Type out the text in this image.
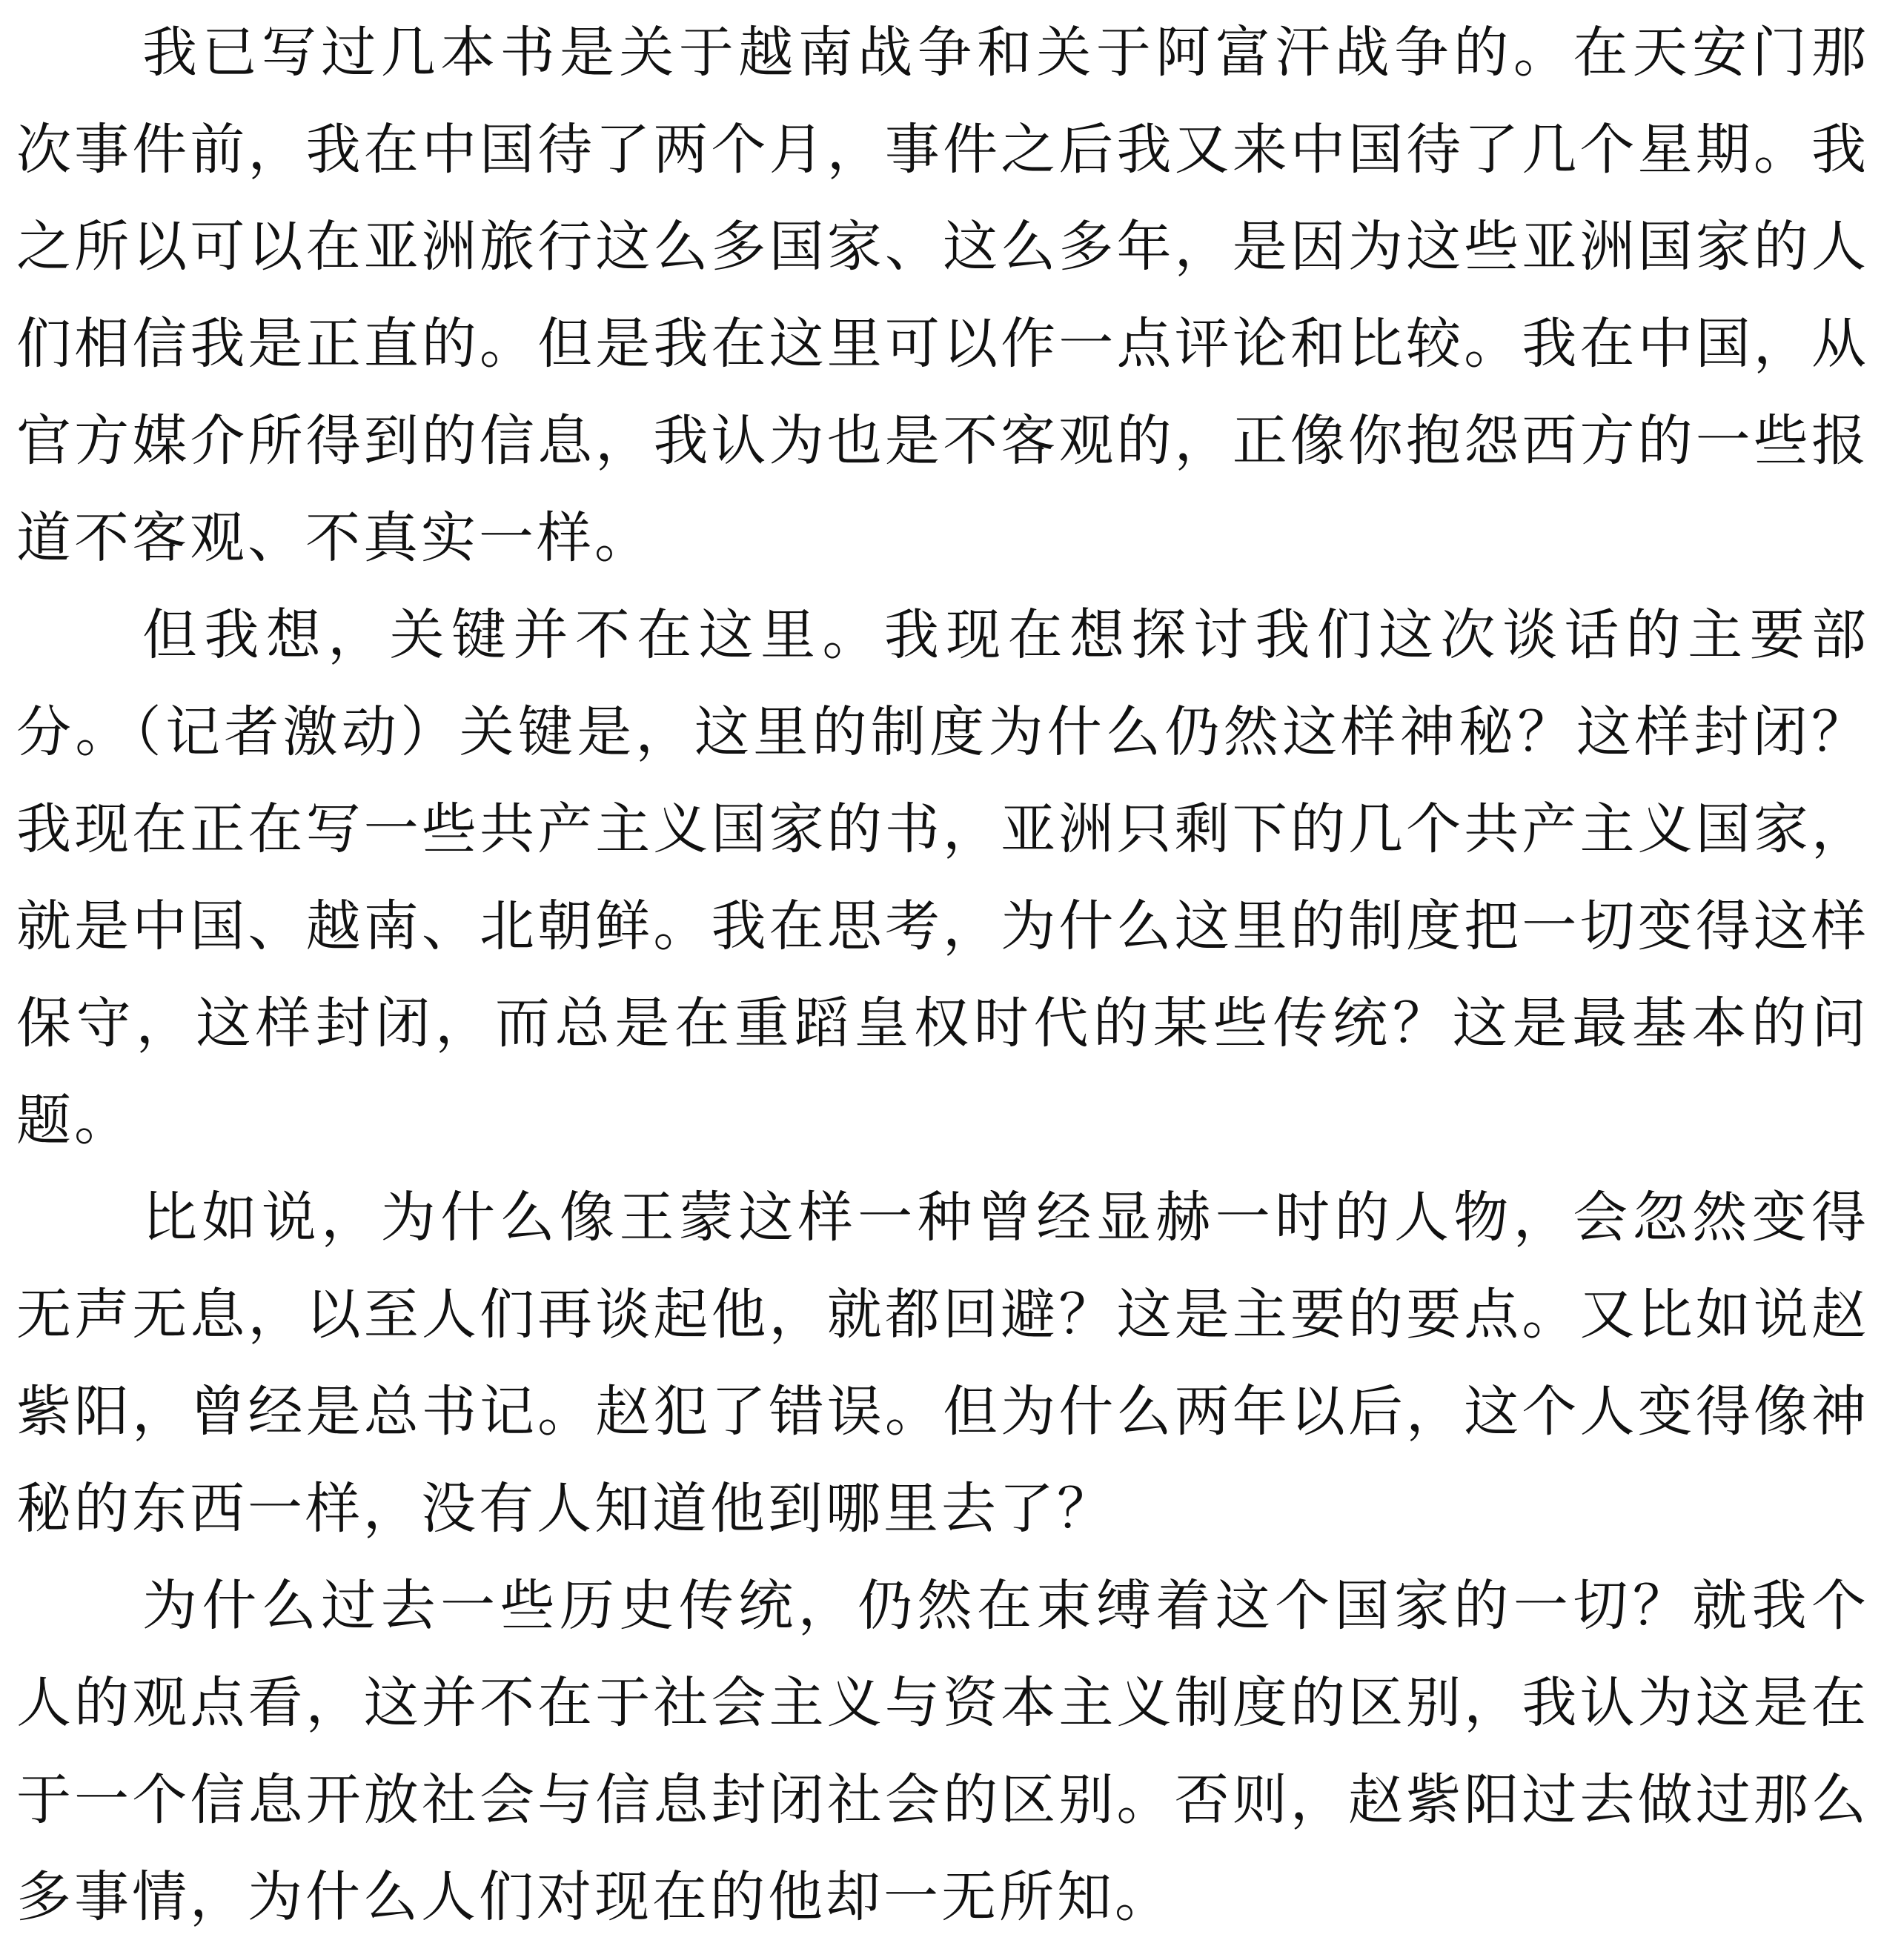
我已写过几本书是关于越南战争和关于阿富汗战争的。在天安门那次事件前，我在中国待了两个月，事件之后我又来中国待了几个星期。我之所以可以在亚洲旅行这么多国家、这么多年，是因为这些亚洲国家的人们相信我是正直的。但是我在这里可以作一点评论和比较。我在中国，从官方媒介所得到的信息，我认为也是不客观的，正像你抱怨西方的一些报道不客观、不真实一样。

但我想，关键并不在这里。我现在想探讨我们这次谈话的主要部分。（记者激动）关键是，这里的制度为什么仍然这样神秘？这样封闭？我现在正在写一些共产主义国家的书，亚洲只剩下的几个共产主义国家，就是中国、越南、北朝鲜。我在思考，为什么这里的制度把一切变得这样保守，这样封闭，而总是在重蹈皇权时代的某些传统？这是最基本的问题。

比如说，为什么像王蒙这样一种曾经显赫一时的人物，会忽然变得无声无息，以至人们再谈起他，就都回避？这是主要的要点。又比如说赵紫阳，曾经是总书记。赵犯了错误。但为什么两年以后，这个人变得像神秘的东西一样，没有人知道他到哪里去了？

为什么过去一些历史传统，仍然在束缚着这个国家的一切？就我个人的观点看，这并不在于社会主义与资本主义制度的区别，我认为这是在于一个信息开放社会与信息封闭社会的区别。否则，赵紫阳过去做过那么多事情，为什么人们对现在的他却一无所知。
